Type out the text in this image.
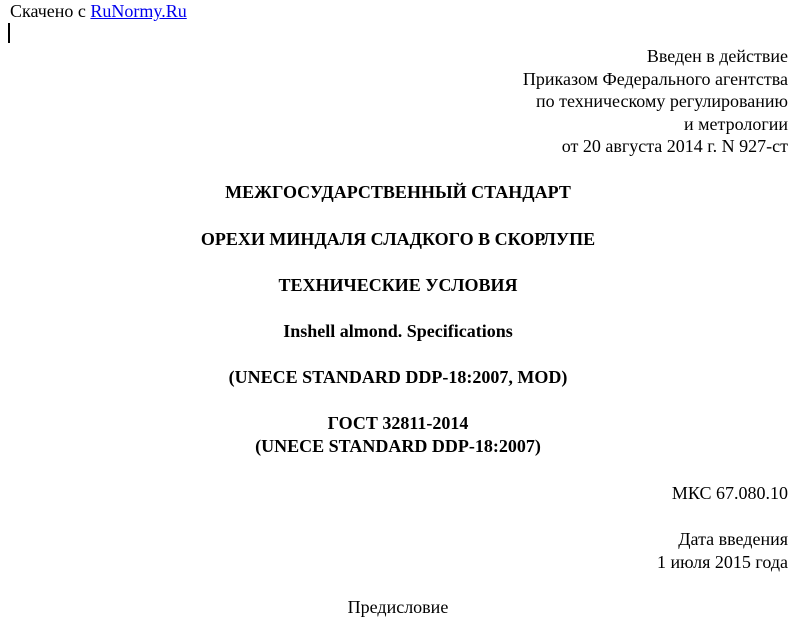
Скачено с RuNormy.Ru
Введен в действие
Приказом Федерального агентства
по техническому регулированию
и метрологии
от 20 августа 2014 г. N 927-ст
МЕЖГОСУДАРСТВЕННЫЙ СТАНДАРТ
ОРЕХИ МИНДАЛЯ СЛАДКОГО В СКОРЛУПЕ
ТЕХНИЧЕСКИЕ УСЛОВИЯ
Inshell almond. Specifications
(UNECE STANDARD DDP-18:2007, MOD)
ГОСТ 32811-2014
(UNECE STANDARD DDP-18:2007)
МКС 67.080.10
Дата введения
1 июля 2015 года
Предисловие
